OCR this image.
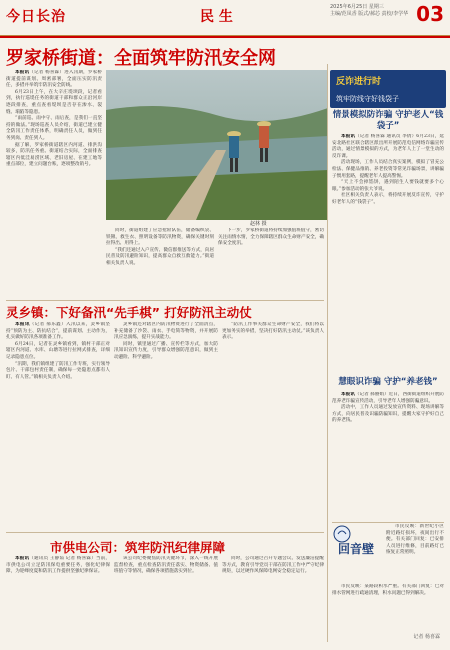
今日长治	民 生
2025年6月25日 星期三
主编/范凤香 版式/郝芯 责校/李学华 03
罗家桥街道：全面筑牢防汛安全网

本报讯（记者 杨喜霖）进入汛期，罗家桥街道提前谋划、周密部署，全面压实防汛责任，多措并举筑牢防汛安全防线。

6月23日上午，在大辛庄堤坝段，记者看到，执行巡堤任务的街道干部和群众正沿河岸逐段排查，重点查看堤坝是否存在渗水、裂缝、塌陷等隐患。

“雨前巡、雨中守、雨后查，是我们一直坚持的做法。”现场巡查人员介绍，街道已建立健全防汛工作责任体系，明确责任人员，做到任务到岗、责任到人。

据了解，罗家桥街道辖区内河道、排洪沟较多，防汛任务重。街道结合实际，全面排查辖区内低洼易涝区域、老旧房屋、在建工地等重点部位，建立问题台账，逐项整改销号。

赵林 摄

同时，街道组建了应急抢险队伍，储备编织袋、铁锹、救生衣、照明设备等防汛物资，确保关键时刻拉得出、用得上。

“我们还通过入户宣传、微信群推送等方式，向居民普及防汛避险知识，提高群众自救互救能力。”街道相关负责人说。

下一步，罗家桥街道将持续加强值班值守，密切关注雨情水情，全力保障辖区群众生命财产安全，确保安全度汛。

灵乡镇：下好备汛“先手棋” 打好防汛主动仗

本报讯（记者 郝乐鑫）入汛以来，灵乡镇坚持“预防为主、防抗结合”，提前谋划、主动作为，扎实做好防汛各项准备工作。

6月24日，记者在灵乡镇看到，镇村干部正对辖区内河道、水库、山塘等进行拉网式排查，详细记录隐患点位。

“汛期，我们镇组建了防汛工作专班，实行领导包片、干部包村责任制，确保每一处隐患点都有人盯、有人管。”镇相关负责人介绍。

灵乡镇还对辖区内防汛物资进行了全面清点，补充储备了沙袋、雨衣、手电筒等物资，并开展防汛应急演练，提升实战能力。

同时，镇里通过广播、宣传栏等方式，加大防汛知识宣传力度，引导群众增强防范意识，做到主动避险、科学避险。

“防汛工作事关群众生命财产安全，我们将以更加务实的举措，坚决打好防汛主动仗。”该负责人表示。

市供电公司：筑牢防汛纪律屏障

本报讯（通讯员 王静茹 记者 杨喜霖）当前，市供电公司立足防汛保电重要任务，强化纪律保障，为迎峰度夏和防汛工作提供坚强纪律保证。

该公司纪委聚焦防汛关键环节，深入一线开展监督检查，重点检查防汛责任落实、物资储备、值班值守等情况，确保各项措施落实到位。

同时，公司通过召开专题会议、发送廉洁提醒等方式，教育引导党员干部在防汛工作中严守纪律规矩，以过硬作风保障电网安全稳定运行。

反诈进行时
筑牢防线守好钱袋子
情景模拟防诈骗 守护老人“钱袋子”

本报讯（记者 杨喜霖 通讯员 李倩）6月23日，延安北路社区联合辖区派出所开展防范电信网络诈骗宣传活动，通过情景模拟的方式，为老年人上了一堂生动的反诈课。

活动现场，工作人员结合真实案例，模拟了冒充公检法、保健品推销、养老投资等常见诈骗场景，讲解骗子惯用套路，提醒老年人提高警惕。

“天上不会掉馅饼，遇到陌生人要钱就要多个心眼。”参加活动的张大爷说。

社区相关负责人表示，将持续开展反诈宣传，守护好老年人的“钱袋子”。

慧眼识诈骗 守护“养老钱”

本报讯（记者 郝丽娟）近日，西街街道组织开展防范养老诈骗宣传活动，引导老年人增强防骗意识。

活动中，工作人员通过发放宣传资料、现场讲解等方式，向居民普及识骗防骗知识，提醒大家守护好自己的养老钱。

回音壁

市民反映：新世纪小区附近路灯损坏，夜间出行不便。有关部门回复：已安排人员进行维修，目前路灯已恢复正常照明。

市民反映：某路段积水严重。有关部门回复：已对排水管网进行疏通清理，积水问题已得到解决。

记者 杨喜霖
